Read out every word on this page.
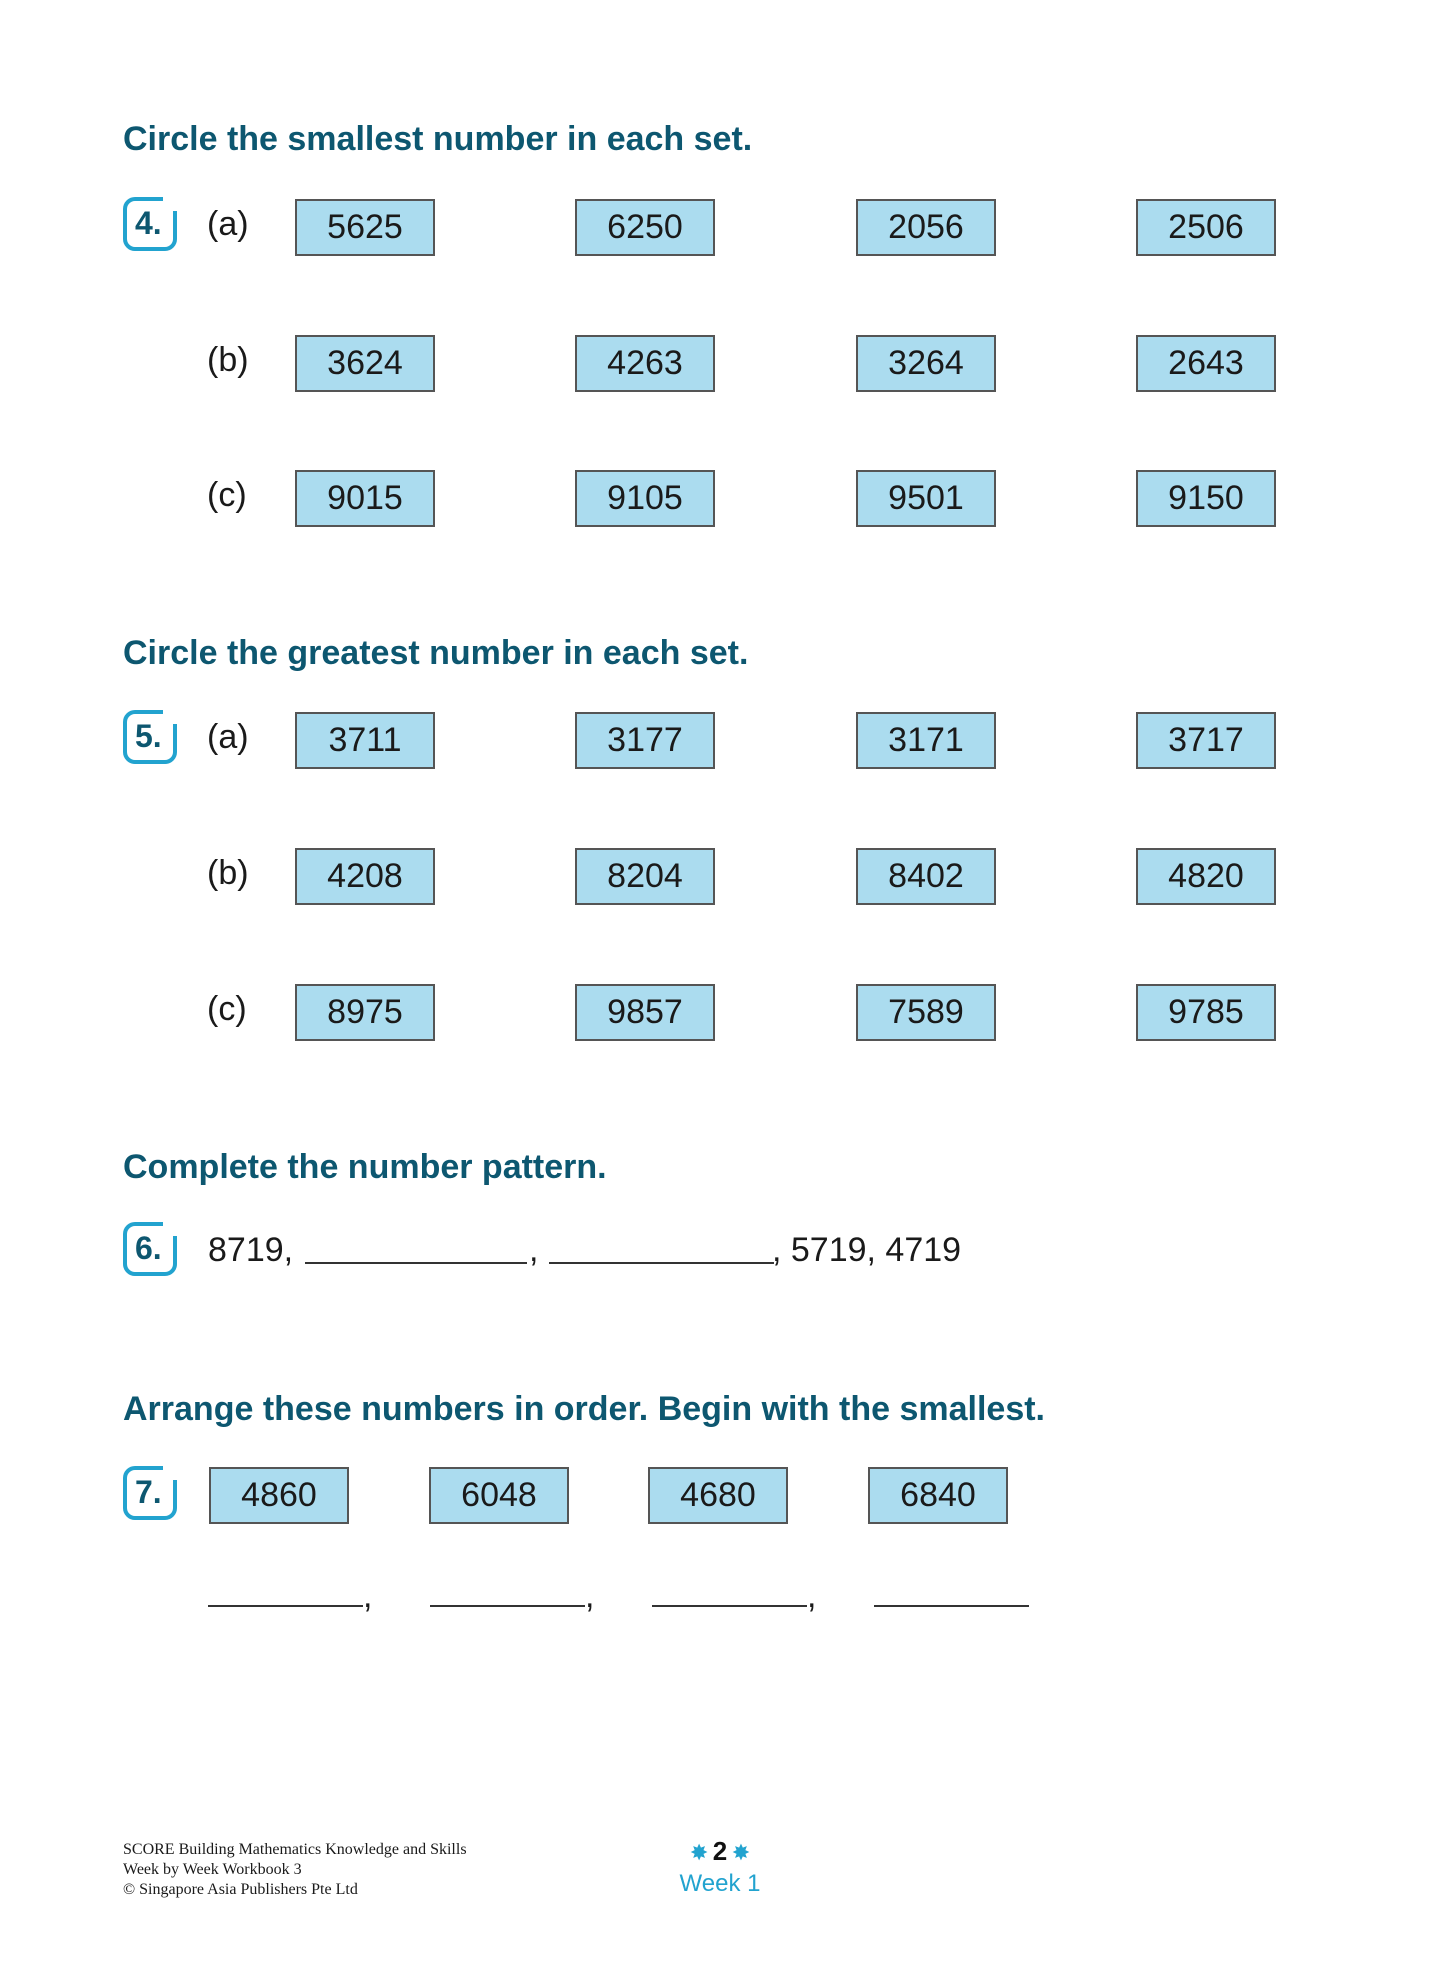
Circle the smallest number in each set.
4. (a)	5625	6250	2056	2506
(b)	3624	4263	3264	2643
(c)	9015	9105	9501	9150
Circle the greatest number in each set.
5. (a)	3711	3177	3171	3717
(b)	4208	8204	8402	4820
(c)	8975	9857	7589	9785
Complete the number pattern.
6. 8719,	,	, 5719, 4719
Arrange these numbers in order. Begin with the smallest.
7.	4860	6048	4680	6840
,	,	,
SCORE Building Mathematics Knowledge and Skills
Week by Week Workbook 3
© Singapore Asia Publishers Pte Ltd
✸ 2 ✸
Week 1
